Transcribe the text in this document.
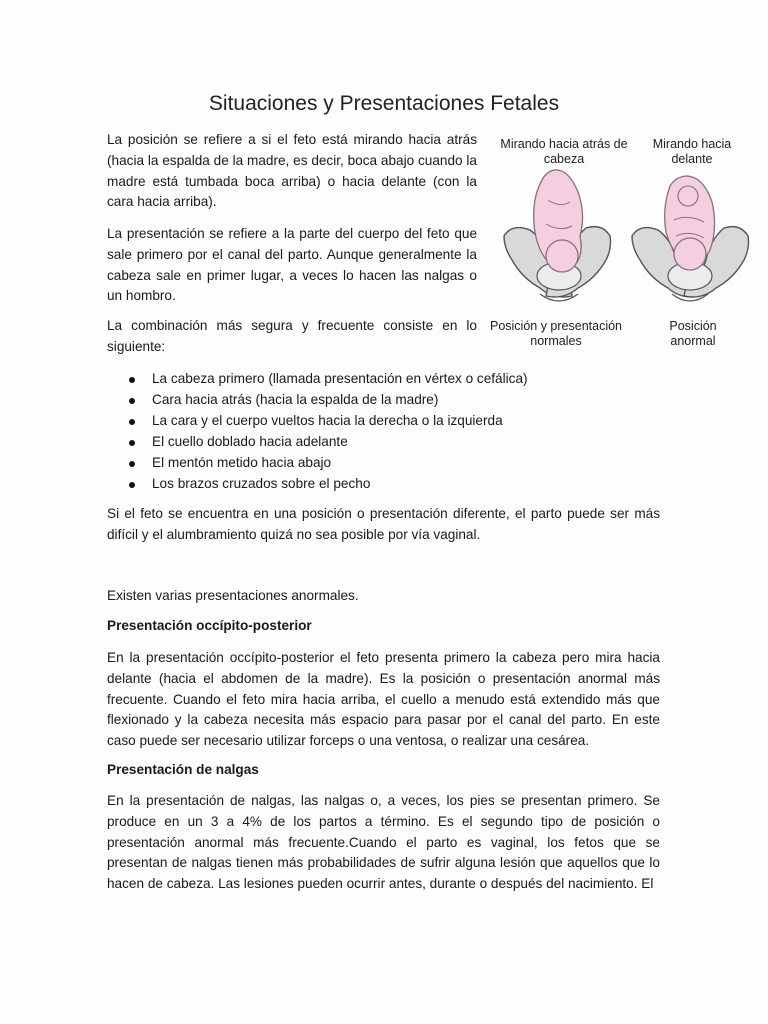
Situaciones y Presentaciones Fetales

La posición se refiere a si el feto está mirando hacia atrás (hacia la espalda de la madre, es decir, boca abajo cuando la madre está tumbada boca arriba) o hacia delante (con la cara hacia arriba).

La presentación se refiere a la parte del cuerpo del feto que sale primero por el canal del parto. Aunque generalmente la cabeza sale en primer lugar, a veces lo hacen las nalgas o un hombro.

La combinación más segura y frecuente consiste en lo siguiente:

Mirando hacia atrás de cabeza
Mirando hacia delante
Posición y presentación normales
Posición anormal
La cabeza primero (llamada presentación en vértex o cefálica)
Cara hacia atrás (hacia la espalda de la madre)
La cara y el cuerpo vueltos hacia la derecha o la izquierda
El cuello doblado hacia adelante
El mentón metido hacia abajo
Los brazos cruzados sobre el pecho

Si el feto se encuentra en una posición o presentación diferente, el parto puede ser más difícil y el alumbramiento quizá no sea posible por vía vaginal.

Existen varias presentaciones anormales.

Presentación occípito-posterior

En la presentación occípito-posterior el feto presenta primero la cabeza pero mira hacia delante (hacia el abdomen de la madre). Es la posición o presentación anormal más frecuente. Cuando el feto mira hacia arriba, el cuello a menudo está extendido más que flexionado y la cabeza necesita más espacio para pasar por el canal del parto. En este caso puede ser necesario utilizar forceps o una ventosa, o realizar una cesárea.

Presentación de nalgas

En la presentación de nalgas, las nalgas o, a veces, los pies se presentan primero. Se produce en un 3 a 4% de los partos a término. Es el segundo tipo de posición o presentación anormal más frecuente.Cuando el parto es vaginal, los fetos que se presentan de nalgas tienen más probabilidades de sufrir alguna lesión que aquellos que lo hacen de cabeza. Las lesiones pueden ocurrir antes, durante o después del nacimiento. El
